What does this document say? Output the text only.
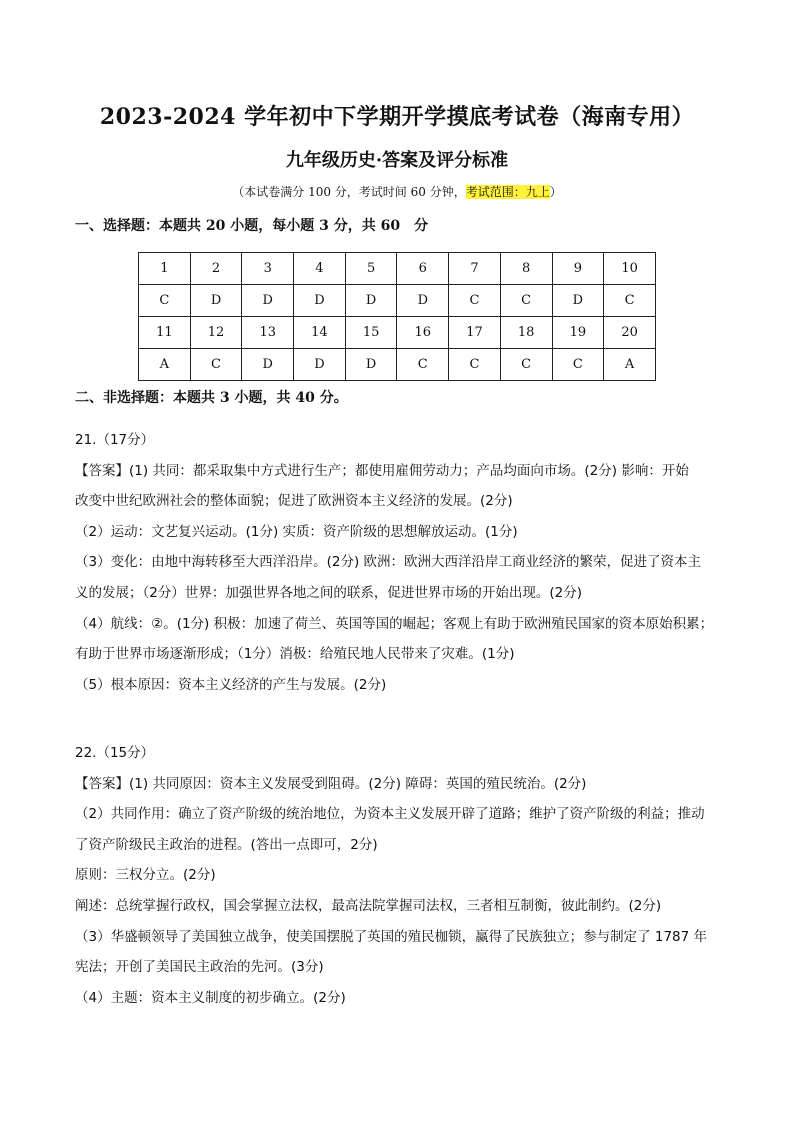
2023-2024 学年初中下学期开学摸底考试卷（海南专用）
九年级历史·答案及评分标准
（本试卷满分 100 分，考试时间 60 分钟，考试范围：九上）
一、选择题：本题共 20 小题，每小题 3 分，共 60　分
1	2	3	4	5	6	7	8	9	10
C	D	D	D	D	D	C	C	D	C
11	12	13	14	15	16	17	18	19	20
A	C	D	D	D	C	C	C	C	A
二、非选择题：本题共 3 小题，共 40 分。
21.（17分）
【答案】(1) 共同：都采取集中方式进行生产；都使用雇佣劳动力；产品均面向市场。(2分) 影响：开始
改变中世纪欧洲社会的整体面貌；促进了欧洲资本主义经济的发展。(2分)
（2）运动：文艺复兴运动。(1分) 实质：资产阶级的思想解放运动。(1分)
（3）变化：由地中海转移至大西洋沿岸。(2分) 欧洲：欧洲大西洋沿岸工商业经济的繁荣，促进了资本主
义的发展；（2分）世界：加强世界各地之间的联系，促进世界市场的开始出现。(2分)
（4）航线：②。(1分) 积极：加速了荷兰、英国等国的崛起；客观上有助于欧洲殖民国家的资本原始积累；
有助于世界市场逐渐形成；（1分）消极：给殖民地人民带来了灾难。(1分)
（5）根本原因：资本主义经济的产生与发展。(2分)
22.（15分）
【答案】(1) 共同原因：资本主义发展受到阻碍。(2分) 障碍：英国的殖民统治。(2分)
（2）共同作用：确立了资产阶级的统治地位，为资本主义发展开辟了道路；维护了资产阶级的利益；推动
了资产阶级民主政治的进程。(答出一点即可，2分)
原则：三权分立。(2分)
阐述：总统掌握行政权，国会掌握立法权，最高法院掌握司法权，三者相互制衡，彼此制约。(2分)
（3）华盛顿领导了美国独立战争，使美国摆脱了英国的殖民枷锁，赢得了民族独立；参与制定了 1787 年
宪法；开创了美国民主政治的先河。(3分)
（4）主题：资本主义制度的初步确立。(2分)
